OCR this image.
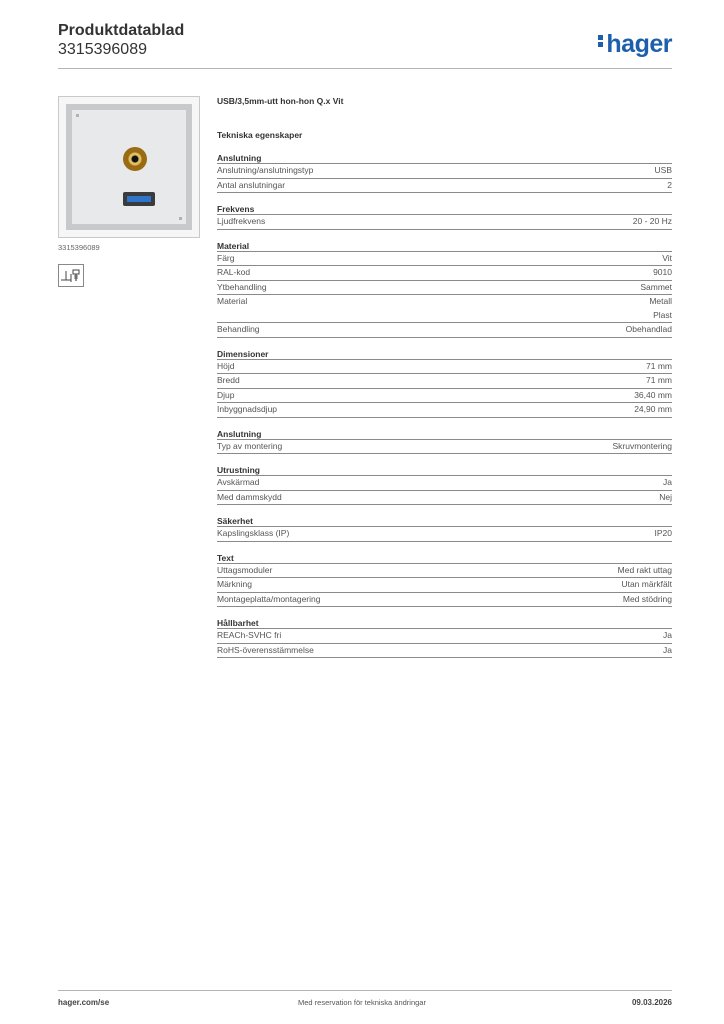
Produktdatablad
3315396089	hager
3315396089
USB/3,5mm-utt hon-hon Q.x Vit
Tekniska egenskaper
Anslutning
Anslutning/anslutningstyp	USB
Antal anslutningar	2
Frekvens
Ljudfrekvens	20 - 20 Hz
Material
Färg	Vit
RAL-kod	9010
Ytbehandling	Sammet
Material	Metall
Plast
Behandling	Obehandlad
Dimensioner
Höjd	71 mm
Bredd	71 mm
Djup	36,40 mm
Inbyggnadsdjup	24,90 mm
Anslutning
Typ av montering	Skruvmontering
Utrustning
Avskärmad	Ja
Med dammskydd	Nej
Säkerhet
Kapslingsklass (IP)	IP20
Text
Uttagsmoduler	Med rakt uttag
Märkning	Utan märkfält
Montageplatta/montagering	Med stödring
Hållbarhet
REACh-SVHC fri	Ja
RoHS-överensstämmelse	Ja
Med reservation för tekniska ändringar
hager.com/se	09.03.2026
